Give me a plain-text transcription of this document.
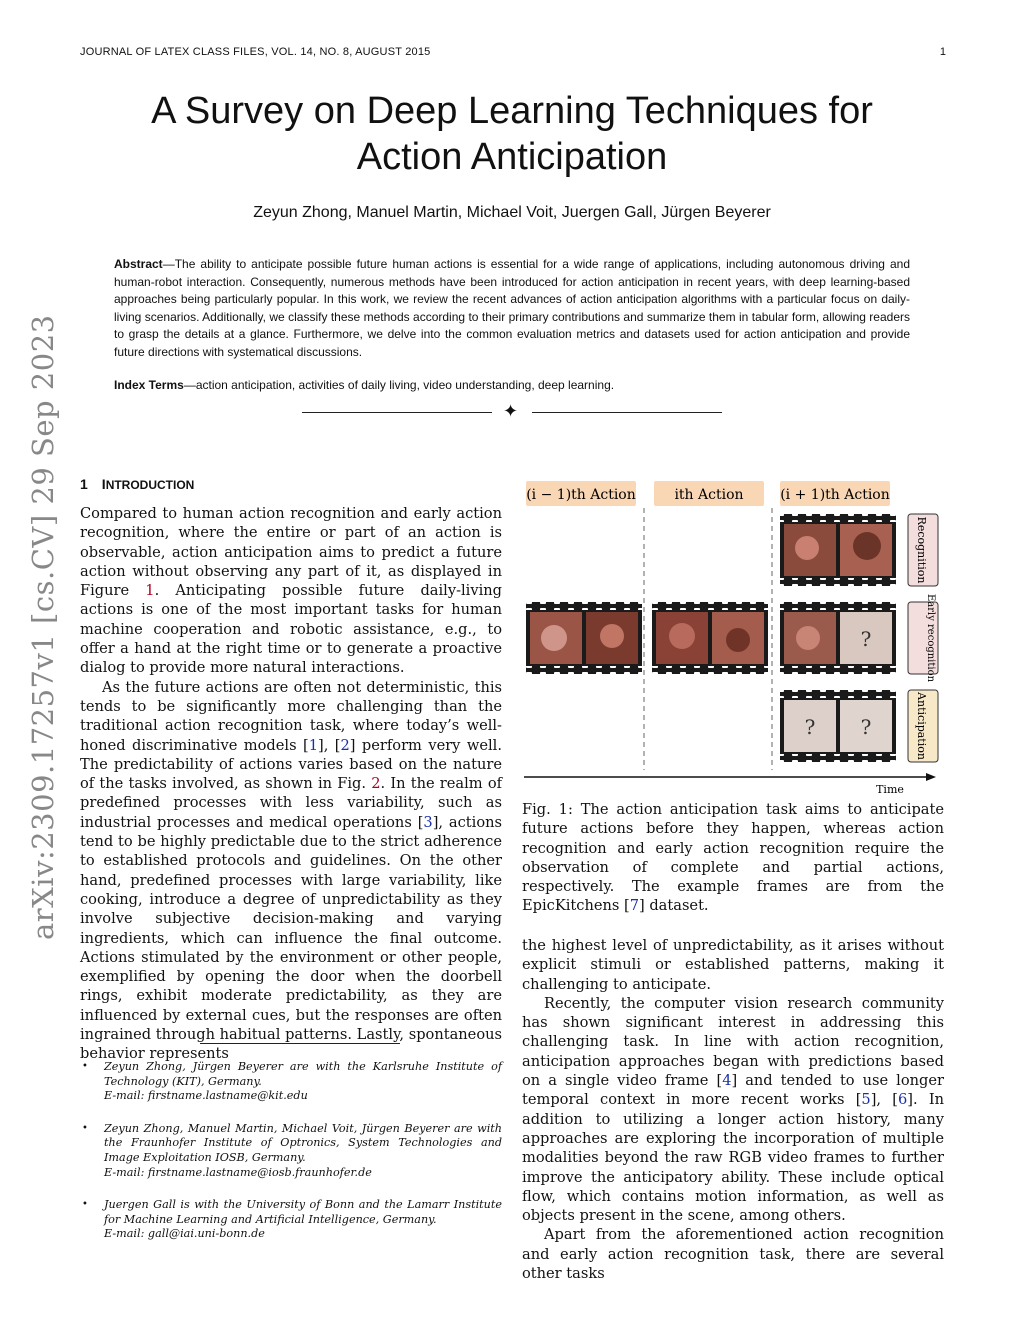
JOURNAL OF LATEX CLASS FILES, VOL. 14, NO. 8, AUGUST 2015	1
A Survey on Deep Learning Techniques for
Action Anticipation
Zeyun Zhong, Manuel Martin, Michael Voit, Juergen Gall, Jürgen Beyerer
Abstract—The ability to anticipate possible future human actions is essential for a wide range of applications, including autonomous driving and human-robot interaction. Consequently, numerous methods have been introduced for action anticipation in recent years, with deep learning-based approaches being particularly popular. In this work, we review the recent advances of action anticipation algorithms with a particular focus on daily-living scenarios. Additionally, we classify these methods according to their primary contributions and summarize them in tabular form, allowing readers to grasp the details at a glance. Furthermore, we delve into the common evaluation metrics and datasets used for action anticipation and provide future directions with systematical discussions.
Index Terms—action anticipation, activities of daily living, video understanding, deep learning.
✦
arXiv:2309.17257v1 [cs.CV] 29 Sep 2023 1 INTRODUCTION

Compared to human action recognition and early action recognition, where the entire or part of an action is observable, action anticipation aims to predict a future action without observing any part of it, as displayed in Figure 1. Anticipating possible future daily-living actions is one of the most important tasks for human machine cooperation and robotic assistance, e.g., to offer a hand at the right time or to generate a proactive dialog to provide more natural interactions.

As the future actions are often not deterministic, this tends to be significantly more challenging than the traditional action recognition task, where today’s well-honed discriminative models [1], [2] perform very well. The predictability of actions varies based on the nature of the tasks involved, as shown in Fig. 2. In the realm of predefined processes with less variability, such as industrial processes and medical operations [3], actions tend to be highly predictable due to the strict adherence to established protocols and guidelines. On the other hand, predefined processes with large variability, like cooking, introduce a degree of unpredictability as they involve subjective decision-making and varying ingredients, which can influence the final outcome. Actions stimulated by the environment or other people, exemplified by opening the door when the doorbell rings, exhibit moderate predictability, as they are influenced by external cues, but the responses are often ingrained through habitual patterns. Lastly, spontaneous behavior represents

• Zeyun Zhong, Jürgen Beyerer are with the Karlsruhe Institute of Technology (KIT), Germany.
E-mail: firstname.lastname@kit.edu
• Zeyun Zhong, Manuel Martin, Michael Voit, Jürgen Beyerer are with the Fraunhofer Institute of Optronics, System Technologies and Image Exploitation IOSB, Germany.
E-mail: firstname.lastname@iosb.fraunhofer.de
• Juergen Gall is with the University of Bonn and the Lamarr Institute for Machine Learning and Artificial Intelligence, Germany.
E-mail: gall@iai.uni-bonn.de
(i − 1)th Action	ith Action	(i + 1)th Action
Recognition
?	Early recognition
? ?	Anticipation
Time
Fig. 1: The action anticipation task aims to anticipate future actions before they happen, whereas action recognition and early action recognition require the observation of complete and partial actions, respectively. The example frames are from the EpicKitchens [7] dataset.

the highest level of unpredictability, as it arises without explicit stimuli or established patterns, making it challenging to anticipate.

Recently, the computer vision research community has shown significant interest in addressing this challenging task. In line with action recognition, anticipation approaches began with predictions based on a single video frame [4] and tended to use longer temporal context in more recent works [5], [6]. In addition to utilizing a longer action history, many approaches are exploring the incorporation of multiple modalities beyond the raw RGB video frames to further improve the anticipatory ability. These include optical flow, which contains motion information, as well as objects present in the scene, among others.

Apart from the aforementioned action recognition and early action recognition task, there are several other tasks
